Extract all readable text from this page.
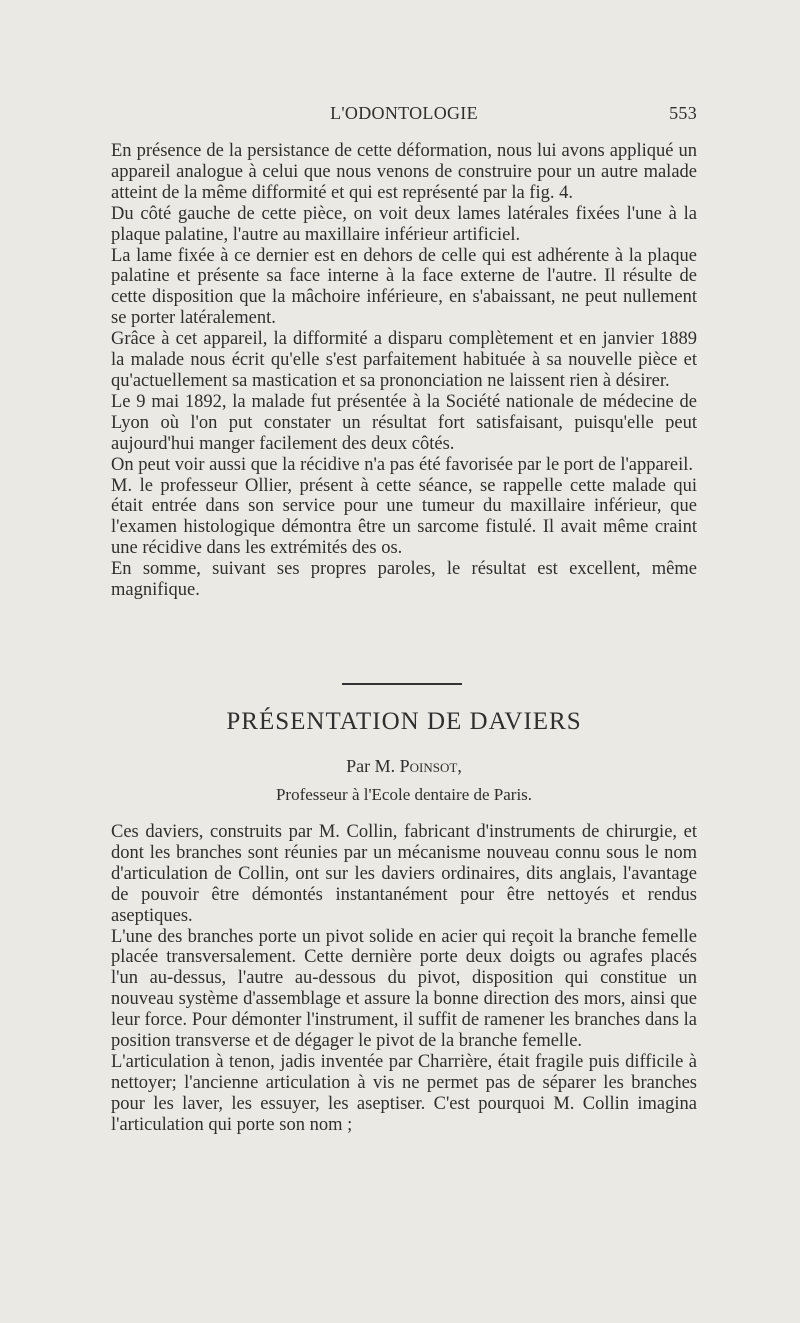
L'ODONTOLOGIE	553

En présence de la persistance de cette déformation, nous lui avons appliqué un appareil analogue à celui que nous venons de construire pour un autre malade atteint de la même difformité et qui est représenté par la fig. 4.

Du côté gauche de cette pièce, on voit deux lames latérales fixées l'une à la plaque palatine, l'autre au maxillaire inférieur artificiel.

La lame fixée à ce dernier est en dehors de celle qui est adhérente à la plaque palatine et présente sa face interne à la face externe de l'autre. Il résulte de cette disposition que la mâchoire inférieure, en s'abaissant, ne peut nullement se porter latéralement.

Grâce à cet appareil, la difformité a disparu complètement et en janvier 1889 la malade nous écrit qu'elle s'est parfaitement habituée à sa nouvelle pièce et qu'actuellement sa mastication et sa prononciation ne laissent rien à désirer.

Le 9 mai 1892, la malade fut présentée à la Société nationale de médecine de Lyon où l'on put constater un résultat fort satisfaisant, puisqu'elle peut aujourd'hui manger facilement des deux côtés.

On peut voir aussi que la récidive n'a pas été favorisée par le port de l'appareil.

M. le professeur Ollier, présent à cette séance, se rappelle cette malade qui était entrée dans son service pour une tumeur du maxillaire inférieur, que l'examen histologique démontra être un sarcome fistulé. Il avait même craint une récidive dans les extrémités des os.

En somme, suivant ses propres paroles, le résultat est excellent, même magnifique.

PRÉSENTATION DE DAVIERS
Par M. Poinsot,
Professeur à l'Ecole dentaire de Paris.

Ces daviers, construits par M. Collin, fabricant d'instruments de chirurgie, et dont les branches sont réunies par un mécanisme nouveau connu sous le nom d'articulation de Collin, ont sur les daviers ordinaires, dits anglais, l'avantage de pouvoir être démontés instantanément pour être nettoyés et rendus aseptiques.

L'une des branches porte un pivot solide en acier qui reçoit la branche femelle placée transversalement. Cette dernière porte deux doigts ou agrafes placés l'un au-dessus, l'autre au-dessous du pivot, disposition qui constitue un nouveau système d'assemblage et assure la bonne direction des mors, ainsi que leur force. Pour démonter l'instrument, il suffit de ramener les branches dans la position transverse et de dégager le pivot de la branche femelle.

L'articulation à tenon, jadis inventée par Charrière, était fragile puis difficile à nettoyer; l'ancienne articulation à vis ne permet pas de séparer les branches pour les laver, les essuyer, les aseptiser. C'est pourquoi M. Collin imagina l'articulation qui porte son nom ;
